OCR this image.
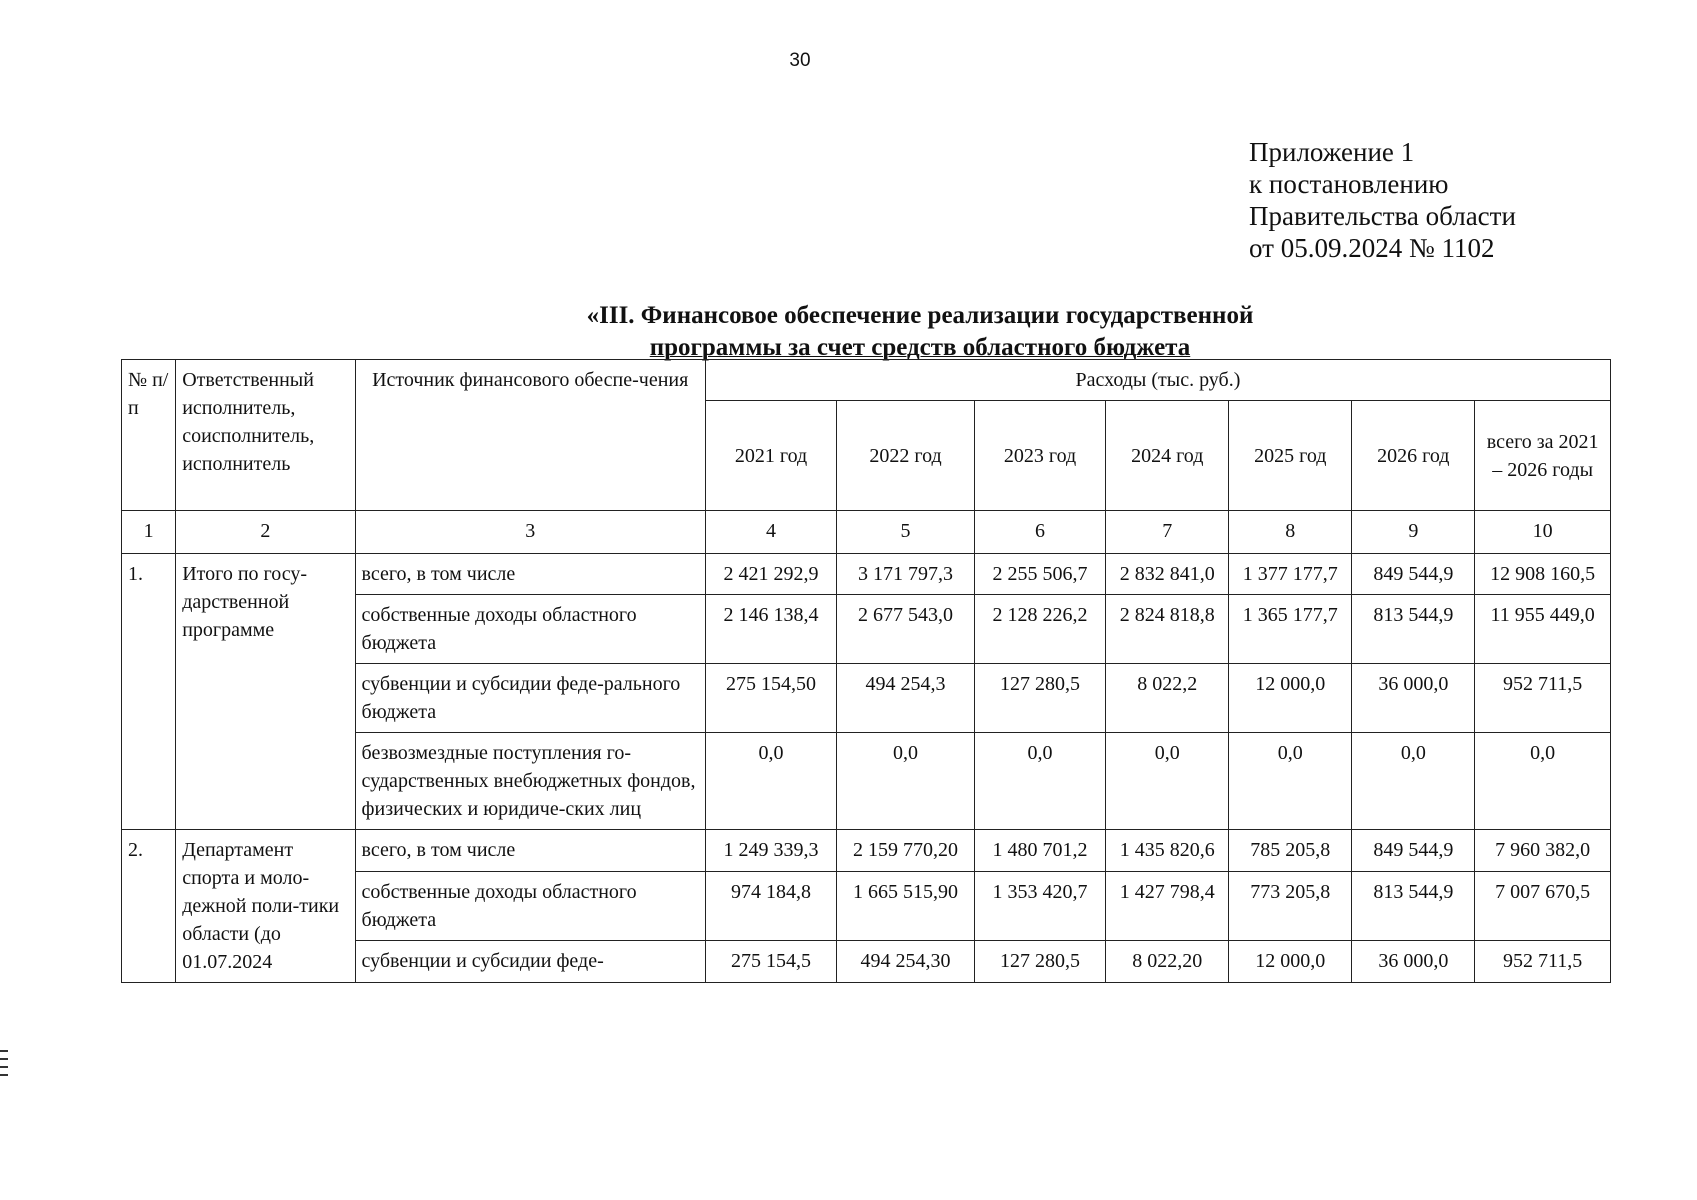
30
Приложение 1
к постановлению
Правительства области
от 05.09.2024 № 1102
«III. Финансовое обеспечение реализации государственной
программы за счет средств областного бюджета
№ п/п	Ответственный исполнитель, соисполнитель, исполнитель	Источник финансового обеспе-чения	Расходы (тыс. руб.)						
			2021 год	2022 год	2023 год	2024 год	2025 год	2026 год	всего за 2021 – 2026 годы
1	2	3	4	5	6	7	8	9	10
1.	Итого по госу-дарственной программе	всего, в том числе	2 421 292,9	3 171 797,3	2 255 506,7	2 832 841,0	1 377 177,7	849 544,9	12 908 160,5
		собственные доходы областного бюджета	2 146 138,4	2 677 543,0	2 128 226,2	2 824 818,8	1 365 177,7	813 544,9	11 955 449,0
		субвенции и субсидии феде-рального бюджета	275 154,50	494 254,3	127 280,5	8 022,2	12 000,0	36 000,0	952 711,5
		безвозмездные поступления го-сударственных внебюджетных фондов, физических и юридиче-ских лиц	0,0	0,0	0,0	0,0	0,0	0,0	0,0
2.	Департамент спорта и моло-дежной поли-тики области (до 01.07.2024	всего, в том числе	1 249 339,3	2 159 770,20	1 480 701,2	1 435 820,6	785 205,8	849 544,9	7 960 382,0
		собственные доходы областного бюджета	974 184,8	1 665 515,90	1 353 420,7	1 427 798,4	773 205,8	813 544,9	7 007 670,5
		субвенции и субсидии феде-	275 154,5	494 254,30	127 280,5	8 022,20	12 000,0	36 000,0	952 711,5
